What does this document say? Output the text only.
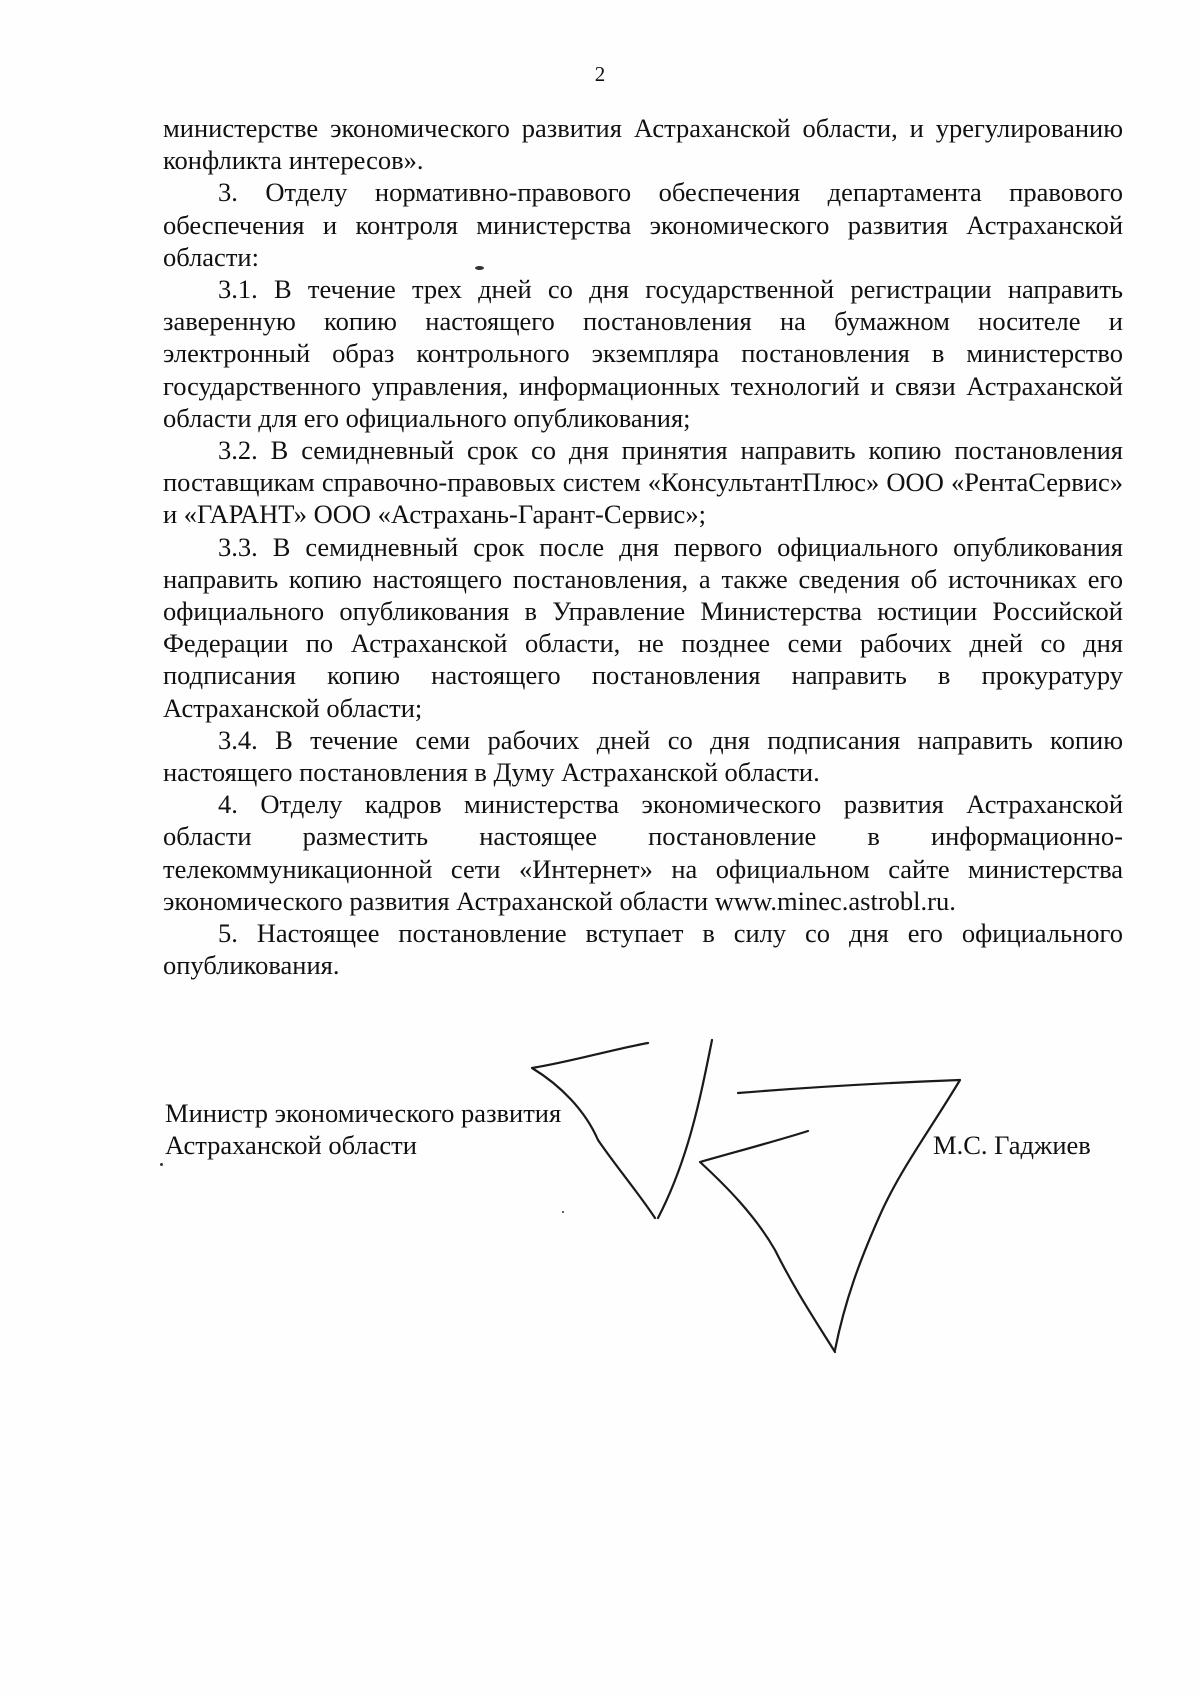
2

министерстве экономического развития Астраханской области, и урегулированию конфликта интересов».

3. Отделу нормативно-правового обеспечения департамента правового обеспечения и контроля министерства экономического развития Астраханской области:

3.1. В течение трех дней со дня государственной регистрации направить заверенную копию настоящего постановления на бумажном носителе и электронный образ контрольного экземпляра постановления в министерство государственного управления, информационных технологий и связи Астраханской области для его официального опубликования;

3.2. В семидневный срок со дня принятия направить копию постановления поставщикам справочно-правовых систем «КонсультантПлюс» ООО «РентаСервис» и «ГАРАНТ» ООО «Астрахань-Гарант-Сервис»;

3.3. В семидневный срок после дня первого официального опубликования направить копию настоящего постановления, а также сведения об источниках его официального опубликования в Управление Министерства юстиции Российской Федерации по Астраханской области, не позднее семи рабочих дней со дня подписания копию настоящего постановления направить в прокуратуру Астраханской области;

3.4. В течение семи рабочих дней со дня подписания направить копию настоящего постановления в Думу Астраханской области.

4. Отделу кадров министерства экономического развития Астраханской области разместить настоящее постановление в информационно-телекоммуникационной сети «Интернет» на официальном сайте министерства экономического развития Астраханской области www.minec.astrobl.ru.

5. Настоящее постановление вступает в силу со дня его официального опубликования.

Министр экономического развития
Астраханской области	М.С. Гаджиев
